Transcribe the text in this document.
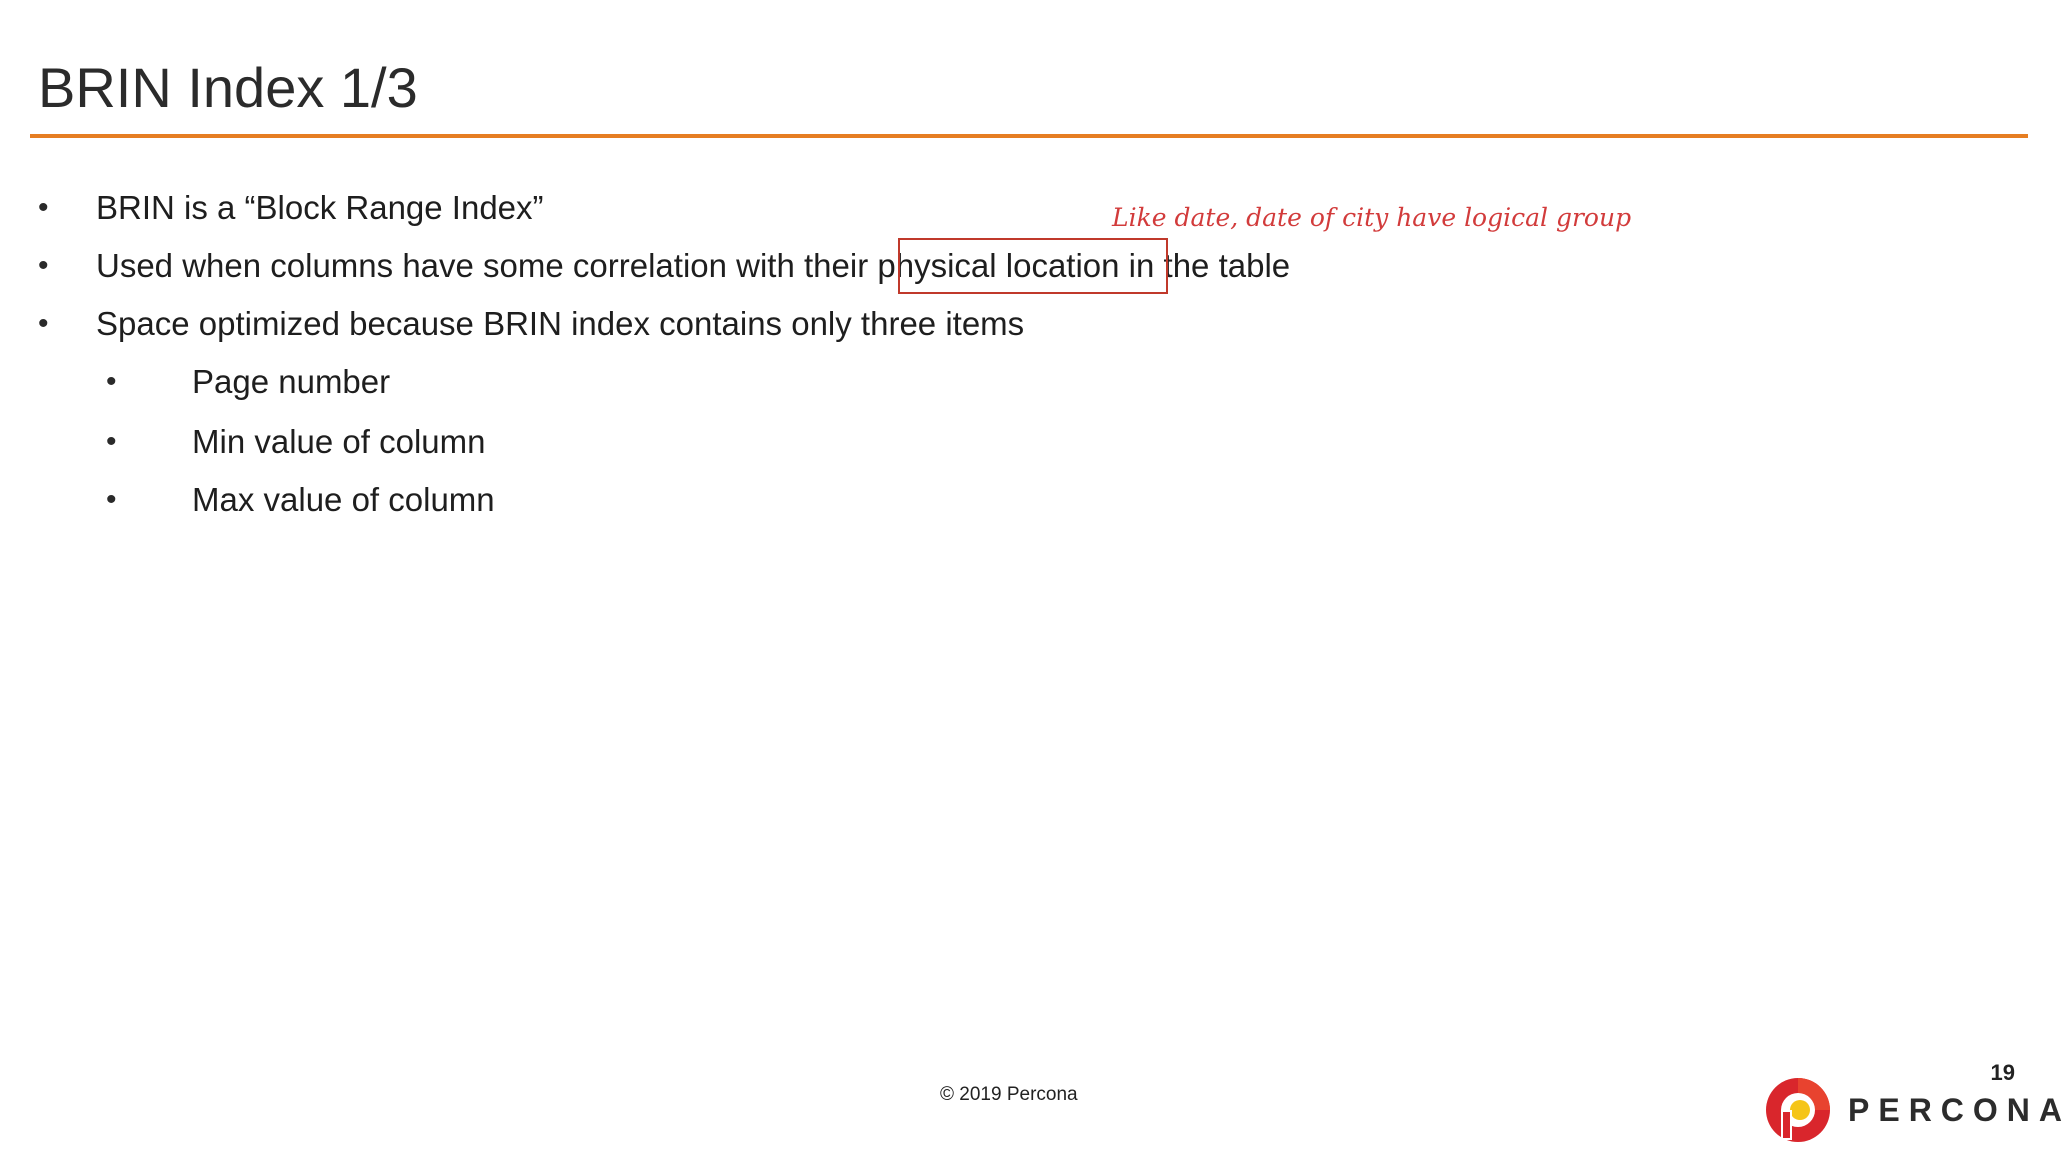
BRIN Index 1/3
• BRIN is a “Block Range Index”
• Used when columns have some correlation with their physical location in the table
• Space optimized because BRIN index contains only three items
• Page number
• Min value of column
• Max value of column
Like date, date of city have logical group
© 2019 Percona
19
PERCONA
